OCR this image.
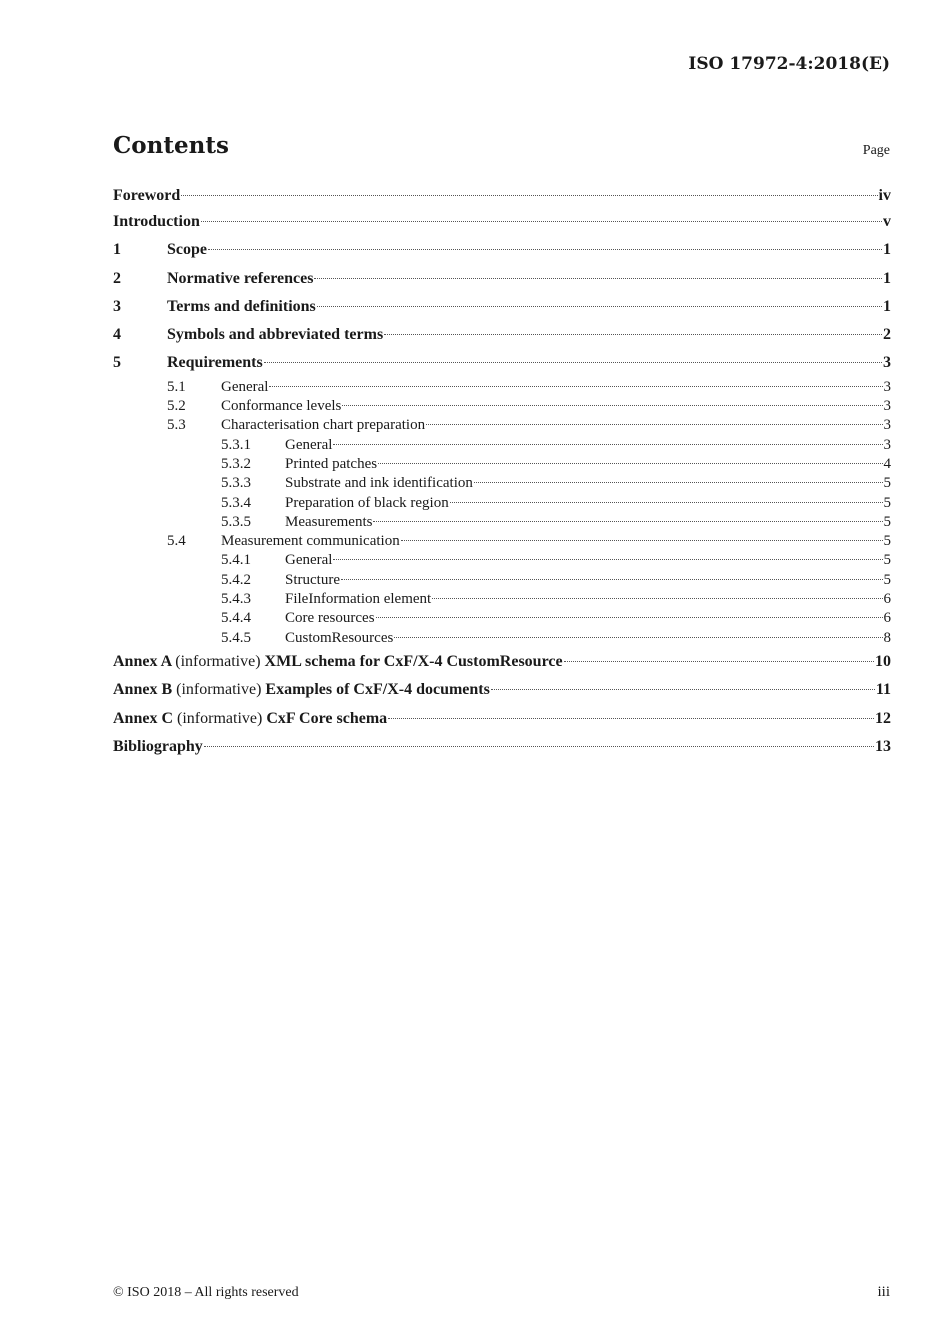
ISO 17972-4:2018(E)
Contents	Page
Foreword	iv
Introduction	v
1	Scope	1
2	Normative references	1
3	Terms and definitions	1
4	Symbols and abbreviated terms	2
5	Requirements	3
5.1	General	3
5.2	Conformance levels	3
5.3	Characterisation chart preparation	3
5.3.1	General	3
5.3.2	Printed patches	4
5.3.3	Substrate and ink identification	5
5.3.4	Preparation of black region	5
5.3.5	Measurements	5
5.4	Measurement communication	5
5.4.1	General	5
5.4.2	Structure	5
5.4.3	FileInformation element	6
5.4.4	Core resources	6
5.4.5	CustomResources	8
Annex A (informative) XML schema for CxF/X-4 CustomResource	10
Annex B (informative) Examples of CxF/X-4 documents	11
Annex C (informative) CxF Core schema	12
Bibliography	13
© ISO 2018 – All rights reserved	iii
